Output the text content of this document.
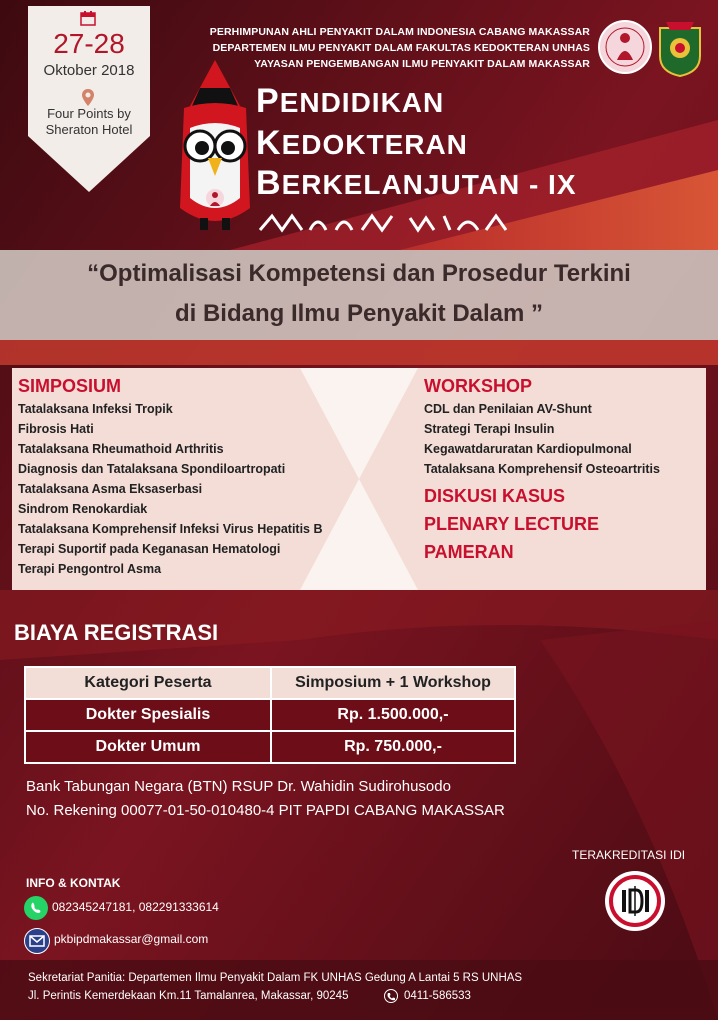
27-28
Oktober 2018
Four Points by Sheraton Hotel
PERHIMPUNAN AHLI PENYAKIT DALAM INDONESIA CABANG MAKASSAR
DEPARTEMEN ILMU PENYAKIT DALAM FAKULTAS KEDOKTERAN UNHAS
YAYASAN PENGEMBANGAN ILMU PENYAKIT DALAM MAKASSAR
PENDIDIKAN
KEDOKTERAN
BERKELANJUTAN - IX
“Optimalisasi Kompetensi dan Prosedur Terkini
di Bidang Ilmu Penyakit Dalam ”
SIMPOSIUM
Tatalaksana Infeksi Tropik
Fibrosis Hati
Tatalaksana Rheumathoid Arthritis
Diagnosis dan Tatalaksana Spondiloartropati
Tatalaksana Asma Eksaserbasi
Sindrom Renokardiak
Tatalaksana Komprehensif Infeksi Virus Hepatitis B
Terapi Suportif pada Keganasan Hematologi
Terapi Pengontrol Asma
WORKSHOP
CDL dan Penilaian AV-Shunt
Strategi Terapi Insulin
Kegawatdaruratan Kardiopulmonal
Tatalaksana Komprehensif Osteoartritis
DISKUSI KASUS
PLENARY LECTURE
PAMERAN
BIAYA REGISTRASI
Kategori Peserta	Simposium + 1 Workshop
Dokter Spesialis	Rp. 1.500.000,-
Dokter Umum	Rp. 750.000,-
Bank Tabungan Negara (BTN) RSUP Dr. Wahidin Sudirohusodo
No. Rekening 00077-01-50-010480-4 PIT PAPDI CABANG MAKASSAR
INFO & KONTAK
082345247181, 082291333614
pkbipdmakassar@gmail.com
TERAKREDITASI IDI
Sekretariat Panitia: Departemen Ilmu Penyakit Dalam FK UNHAS Gedung A Lantai 5 RS UNHAS
Jl. Perintis Kemerdekaan Km.11 Tamalanrea, Makassar, 90245	0411-586533
